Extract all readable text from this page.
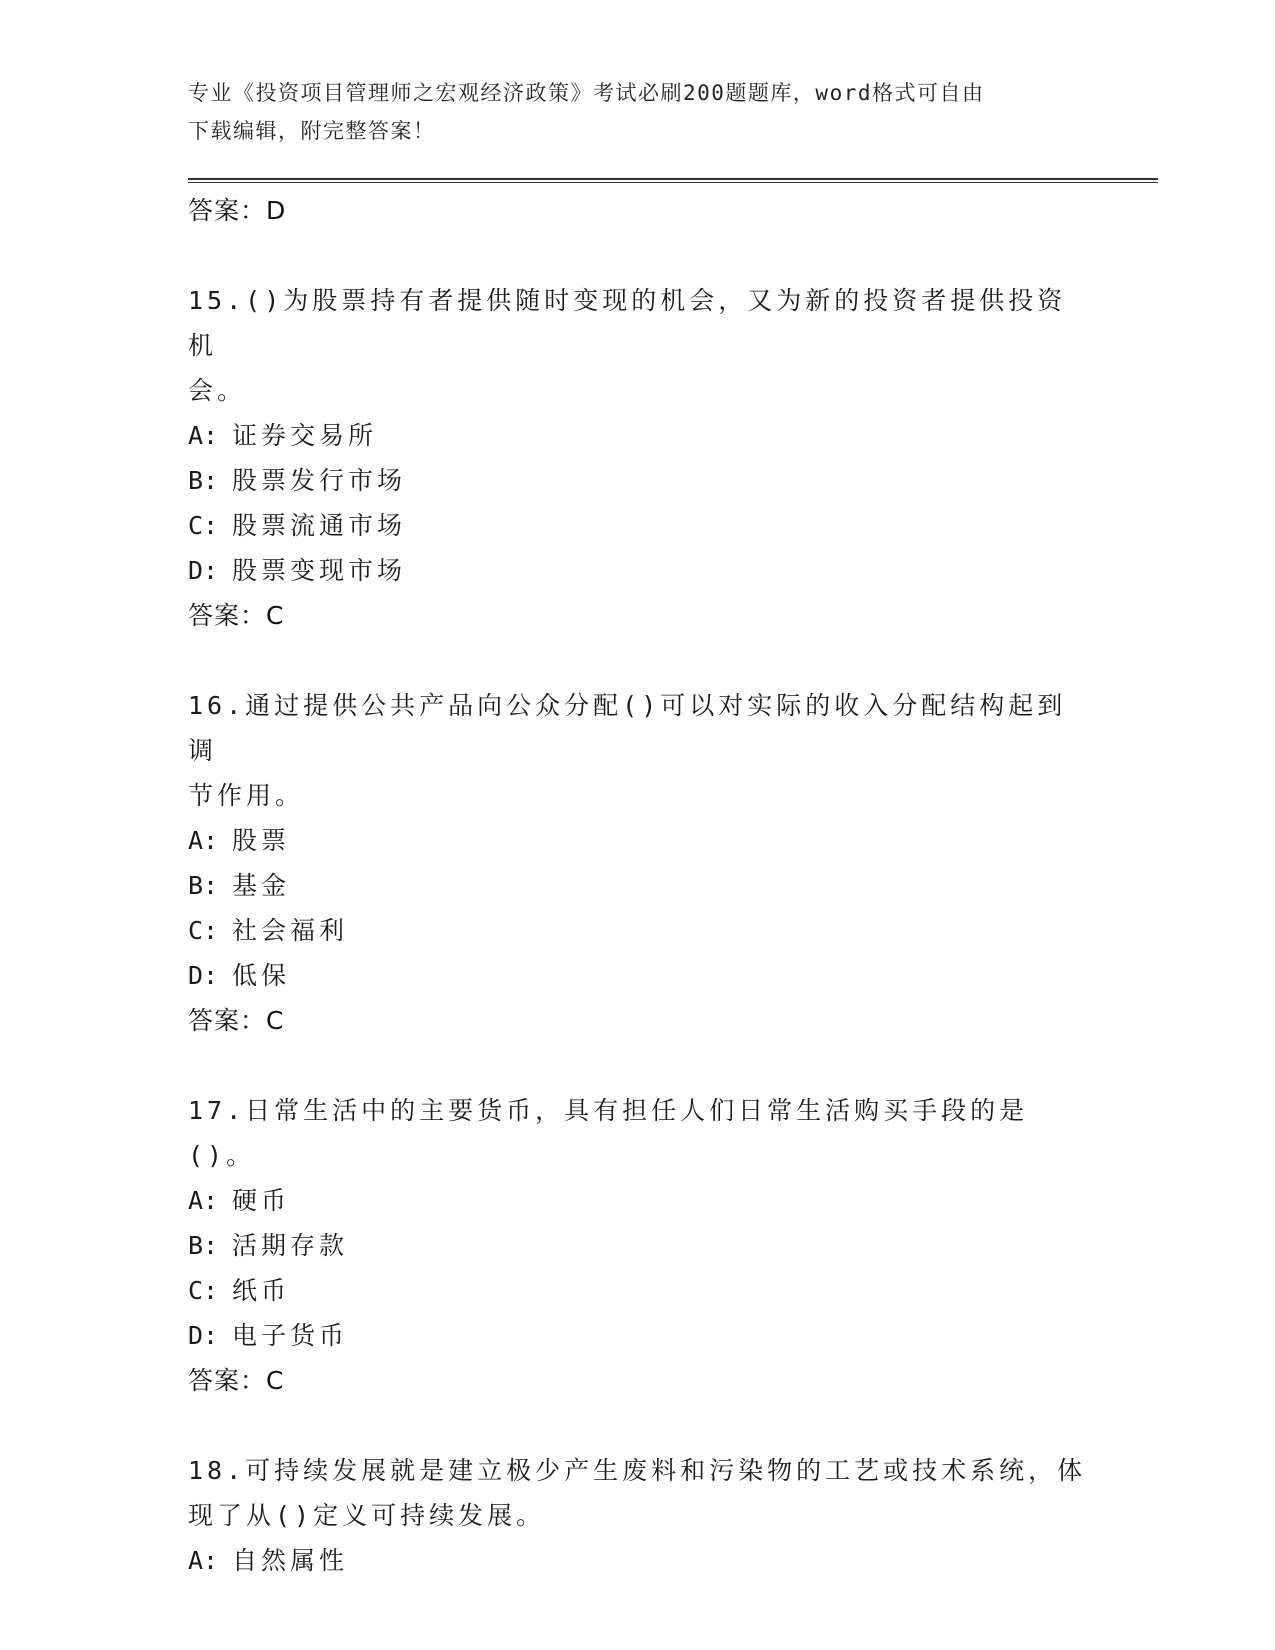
专业《投资项目管理师之宏观经济政策》考试必刷200题题库，word格式可自由
下载编辑，附完整答案！
答案：D
15.()为股票持有者提供随时变现的机会，又为新的投资者提供投资机
会。
A: 证券交易所
B: 股票发行市场
C: 股票流通市场
D: 股票变现市场
答案：C
16.通过提供公共产品向公众分配()可以对实际的收入分配结构起到调
节作用。
A: 股票
B: 基金
C: 社会福利
D: 低保
答案：C
17.日常生活中的主要货币，具有担任人们日常生活购买手段的是()。
A: 硬币
B: 活期存款
C: 纸币
D: 电子货币
答案：C
18.可持续发展就是建立极少产生废料和污染物的工艺或技术系统，体
现了从()定义可持续发展。
A: 自然属性
